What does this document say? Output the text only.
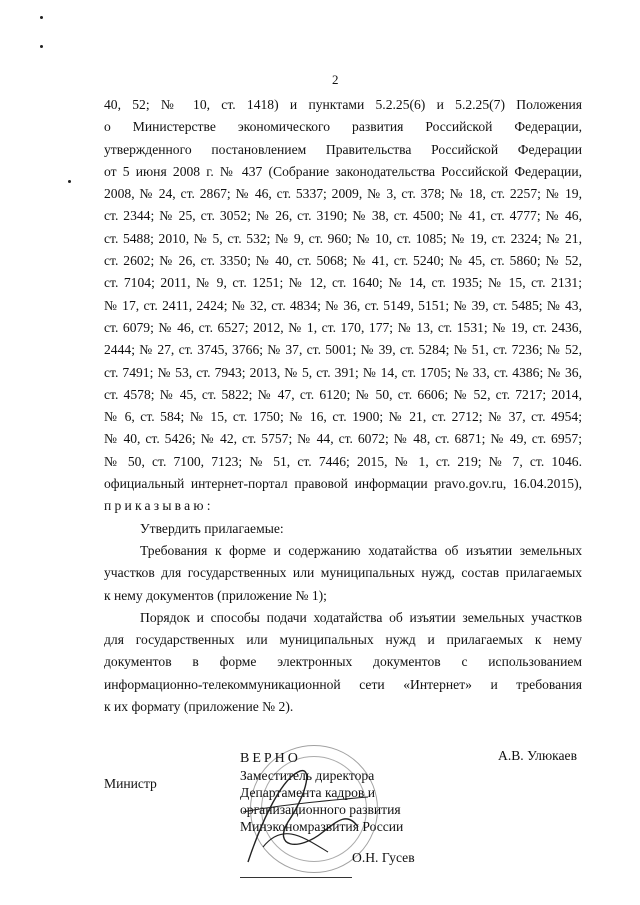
2
40, 52; № 10, ст. 1418) и пунктами 5.2.25(6) и 5.2.25(7) Положения
о Министерстве экономического развития Российской Федерации,
утвержденного постановлением Правительства Российской Федерации
от 5 июня 2008 г. № 437 (Собрание законодательства Российской Федерации,
2008, № 24, ст. 2867; № 46, ст. 5337; 2009, № 3, ст. 378; № 18, ст. 2257; № 19,
ст. 2344; № 25, ст. 3052; № 26, ст. 3190; № 38, ст. 4500; № 41, ст. 4777; № 46,
ст. 5488; 2010, № 5, ст. 532; № 9, ст. 960; № 10, ст. 1085; № 19, ст. 2324; № 21,
ст. 2602; № 26, ст. 3350; № 40, ст. 5068; № 41, ст. 5240; № 45, ст. 5860; № 52,
ст. 7104; 2011, № 9, ст. 1251; № 12, ст. 1640; № 14, ст. 1935; № 15, ст. 2131;
№ 17, ст. 2411, 2424; № 32, ст. 4834; № 36, ст. 5149, 5151; № 39, ст. 5485; № 43,
ст. 6079; № 46, ст. 6527; 2012, № 1, ст. 170, 177; № 13, ст. 1531; № 19, ст. 2436,
2444; № 27, ст. 3745, 3766; № 37, ст. 5001; № 39, ст. 5284; № 51, ст. 7236; № 52,
ст. 7491; № 53, ст. 7943; 2013, № 5, ст. 391; № 14, ст. 1705; № 33, ст. 4386; № 36,
ст. 4578; № 45, ст. 5822; № 47, ст. 6120; № 50, ст. 6606; № 52, ст. 7217; 2014,
№ 6, ст. 584; № 15, ст. 1750; № 16, ст. 1900; № 21, ст. 2712; № 37, ст. 4954;
№ 40, ст. 5426; № 42, ст. 5757; № 44, ст. 6072; № 48, ст. 6871; № 49, ст. 6957;
№ 50, ст. 7100, 7123; № 51, ст. 7446; 2015, № 1, ст. 219; № 7, ст. 1046.
официальный интернет-портал правовой информации pravo.gov.ru, 16.04.2015),
приказываю:
Утвердить прилагаемые:
Требования к форме и содержанию ходатайства об изъятии земельных
участков для государственных или муниципальных нужд, состав прилагаемых
к нему документов (приложение № 1);
Порядок и способы подачи ходатайства об изъятии земельных участков
для государственных или муниципальных нужд и прилагаемых к нему
документов в форме электронных документов с использованием
информационно-телекоммуникационной сети «Интернет» и требования
к их формату (приложение № 2).
Министр
А.В. Улюкаев
ВЕРНО
Заместитель директора
Департамента кадров и
организационного развития
Минэкономразвития России
О.Н. Гусев
